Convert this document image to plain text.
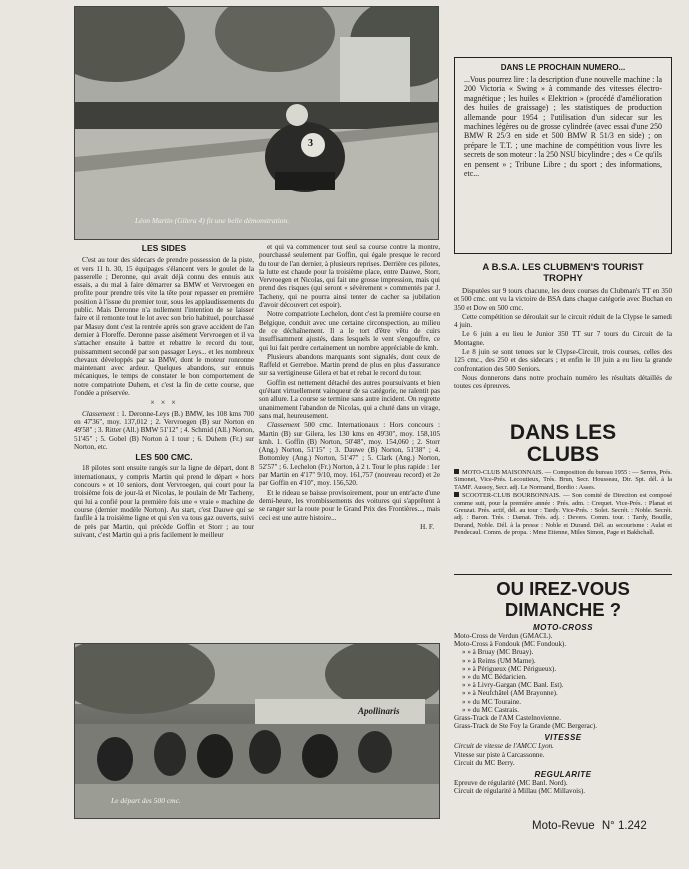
3
Léon Martin (Gilera 4) fit une belle démonstration.
LES SIDES

C'est au tour des sidecars de prendre possession de la piste, et vers 11 h. 30, 15 équipages s'élancent vers le goulet de la passerelle ; Deronne, qui avait déjà connu des ennuis aux essais, a du mal à faire démarrer sa BMW et Vervroegen en profite pour prendre très vite la tête pour repasser en première position à l'issue du premier tour, sous les applaudissements du public. Mais Deronne n'a nullement l'intention de se laisser faire et il remonte tout le lot avec son brio habituel, pourchassé par Masuy dont c'est la rentrée après son grave accident de l'an dernier à Floreffe. Deronne passe aisément Vervroegen et il va s'attacher ensuite à battre et rebattre le record du tour, puissamment secondé par son passager Leys... et les nombreux chevaux développés par sa BMW, dont le moteur ronronne maintenant avec ardeur. Quelques abandons, sur ennuis mécaniques, le temps de constater le bon comportement de notre compatriote Duhem, et c'est la fin de cette course, que l'ondée a préservée.

× × ×

Classement : 1. Deronne-Leys (B.) BMW, les 108 kms 700 en 47'36", moy. 137,012 ; 2. Vervroegen (B) sur Norton en 49'58" ; 3. Ritter (All.) BMW 51'12" ; 4. Schmid (All.) Norton, 51'45" ; 5. Gobel (B) Norton à 1 tour ; 6. Duhem (Fr.) sur Norton, etc.

LES 500 CMC.

18 pilotes sont ensuite rangés sur la ligne de départ, dont 8 internationaux, y compris Martin qui prend le départ « hors concours » et 10 seniors, dont Vervroegen, qui court pour la troisième fois de jour-là et Nicolas, le poulain de Mr Tacheny, qui lui a confié pour la première fois une « vraie » machine de course (dernier modèle Norton). Au start, c'est Dauwe qui se faufile à la troisième ligne et qui s'en va tous gaz ouverts, suivi de près par Martin, qui précède Goffin et Storr ; au tour suivant, c'est Martin qui a pris facilement le meilleur

et qui va commencer tout seul sa course contre la montre, pourchassé seulement par Goffin, qui égale presque le record du tour de l'an dernier, à plusieurs reprises. Derrière ces pilotes, la lutte est chaude pour la troisième place, entre Dauwe, Storr, Vervroegen et Nicolas, qui fait une grosse impression, mais qui prend des risques (qui seront « sévèrement » commentés par J. Tacheny, qui ne pourra ainsi tenter de cacher sa jubilation d'avoir découvert cet espoir).

Notre compatriote Lechelon, dont c'est la première course en Belgique, conduit avec une certaine circonspection, au milieu de ce déchaînement. Il a le tort d'être vêtu de cuirs insuffisamment ajustés, dans lesquels le vent s'engouffre, ce qui lui fait perdre certainement un nombre appréciable de kmh.

Plusieurs abandons marquants sont signalés, dont ceux de Raffeld et Gerreboe. Martin prend de plus en plus d'assurance sur sa vertigineuse Gilera et bat et rebat le record du tour.

Goffin est nettement détaché des autres poursuivants et bien qu'étant virtuellement vainqueur de sa catégorie, ne ralentit pas son allure. La course se termine sans autre incident. On regrette unanimement l'abandon de Nicolas, qui a chuté dans un virage, sans mal, heureusement.

Classement 500 cmc. Internationaux : Hors concours : Martin (B) sur Gilera, les 130 kms en 49'30", moy. 158,105 kmh. 1. Goffin (B) Norton, 50'48", moy. 154,060 ; 2. Storr (Ang.) Norton, 51'15" ; 3. Dauwe (B) Norton, 51'38" ; 4. Bottomley (Ang.) Norton, 51'47" ; 5. Clark (Ang.) Norton, 52'57" ; 6. Lechelon (Fr.) Norton, à 2 t. Tour le plus rapide : 1er par Martin en 4'17" 9/10, moy. 161,757 (nouveau record) et 2e par Goffin en 4'10", moy. 156,520.

Et le rideau se baisse provisoirement, pour un entr'acte d'une demi-heure, les vrombissements des voitures qui s'apprêtent à se ranger sur la route pour le Grand Prix des Frontières..., mais ceci est une autre histoire...

H. F.
Apollinaris
Le départ des 500 cmc.
DANS LE PROCHAIN NUMERO...
...Vous pourrez lire : la description d'une nouvelle machine : la 200 Victoria « Swing » à commande des vitesses électro-magnétique ; les huiles « Elektrion » (procédé d'amélioration des huiles de graissage) ; les statistiques de production allemande pour 1954 ; l'utilisation d'un sidecar sur les machines légères ou de grosse cylindrée (avec essai d'une 250 BMW R 25/3 en side et 500 BMW R 51/3 en side) ; on prépare le T.T. ; une machine de compétition vous livre les secrets de son moteur : la 250 NSU bicylindre ; des « Ce qu'ils en pensent » ; Tribune Libre ; du sport ; des informations, etc...
A B.S.A. LES CLUBMEN'S TOURIST TROPHY

Disputées sur 9 tours chacune, les deux courses du Clubman's TT en 350 et 500 cmc. ont vu la victoire de BSA dans chaque catégorie avec Buchan en 350 et Dow en 500 cmc.

Cette compétition se déroulait sur le circuit réduit de la Clypse le samedi 4 juin.

Le 6 juin a eu lieu le Junior 350 TT sur 7 tours du Circuit de la Montagne.

Le 8 juin se sont tenues sur le Clypse-Circuit, trois courses, celles des 125 cmc., des 250 et des sidecars ; et enfin le 10 juin a eu lieu la grande confrontation des 500 Seniors.

Nous donnerons dans notre prochain numéro les résultats détaillés de toutes ces épreuves.

DANS LES
CLUBS

MOTO-CLUB MAISONNAIS. — Composition du bureau 1955 : — Serres, Prés. Simonet, Vice-Prés. Lecoutieux, Trés. Brun, Secr. Housseau, Dir. Spt. dél. à la TAMF. Aussoy, Secr. adj. Le Normand, Bordio : Asses.

SCOOTER-CLUB BOURBONNAIS. — Son comité de Direction est composé comme suit, pour la première année : Prés. adm. : Crequet. Vice-Prés. : Planat et Greuzat. Prés. actif, dél. au tour : Tardy. Vice-Prés. : Solet. Secrét. : Noble. Secrét. adj. : Baron. Trés. : Damat. Trés. adj. : Devers. Comm. tour. : Tardy, Bouille, Durand, Noble. Dél. à la presse : Noble et Durand. Dél. au secourisme : Aulat et Pendecaul. Comm. de propa. : Mme Etienne, Miles Simon, Page et Bakhchall.

OU IREZ-VOUS
DIMANCHE ?
MOTO-CROSS
Moto-Cross de Verdun (GMACL).
Moto-Cross à Fondouk (MC Fondouk).
» » à Bruay (MC Bruay).
» » à Reims (UM Marne).
» » à Périgueux (MC Périgueux).
» » du MC Bédaricien.
» » à Livry-Gargan (MC Banl. Est).
» » à Neufchâtel (AM Brayonne).
» » du MC Touraine.
» » du MC Castrais.
Grass-Track de l'AM Castelnovienne.
Grass-Track de Ste Foy la Grande (MC Bergerac).
VITESSE
Circuit de vitesse de l'AMCC Lyon.
Vitesse sur piste à Carcassonne.
Circuit du MC Berry.
REGULARITE
Epreuve de régularité (MC Banl. Nord).
Circuit de régularité à Millau (MC Millavois).
Moto-Revue N° 1.242
